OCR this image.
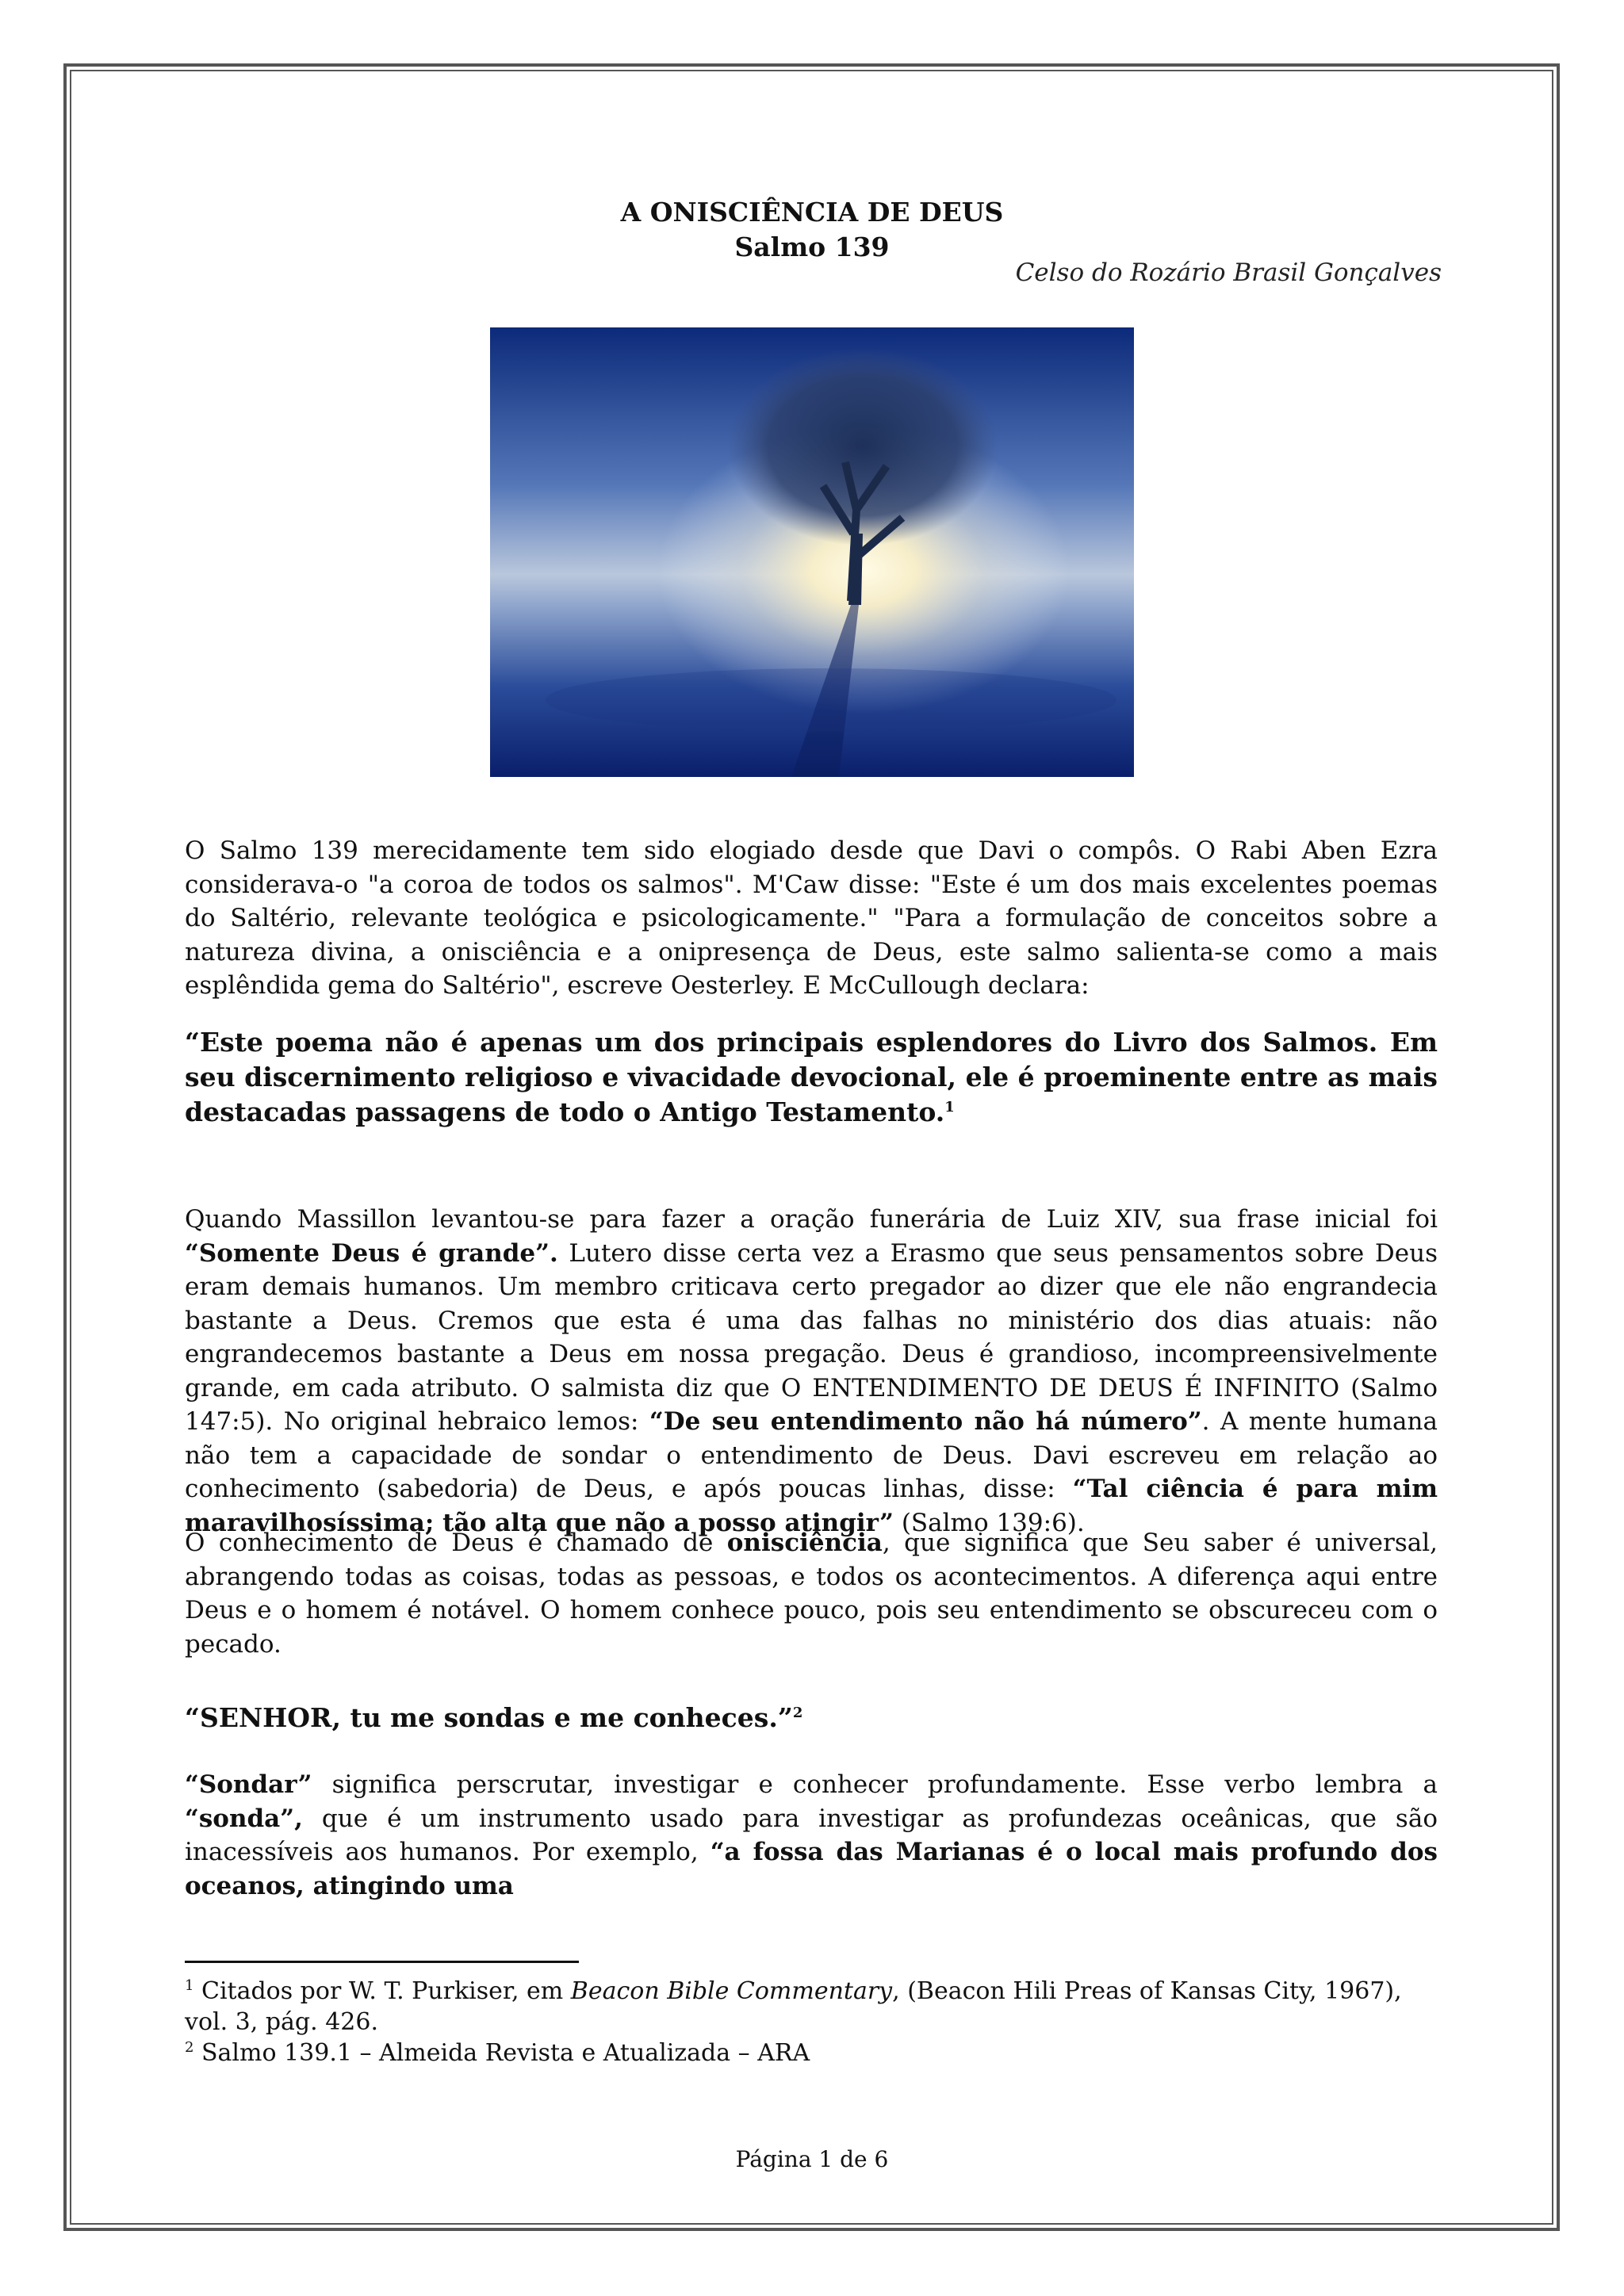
A ONISCIÊNCIA DE DEUS
Salmo 139
Celso do Rozário Brasil Gonçalves
O Salmo 139 merecidamente tem sido elogiado desde que Davi o compôs. O Rabi Aben Ezra considerava-o "a coroa de todos os salmos". M'Caw disse: "Este é um dos mais excelentes poemas do Saltério, relevante teológica e psicologicamente." "Para a formulação de conceitos sobre a natureza divina, a onisciência e a onipresença de Deus, este salmo salienta-se como a mais esplêndida gema do Saltério", escreve Oesterley. E McCullough declara:
“Este poema não é apenas um dos principais esplendores do Livro dos Salmos. Em seu discernimento religioso e vivacidade devocional, ele é proeminente entre as mais destacadas passagens de todo o Antigo Testamento.$^1$
Quando Massillon levantou-se para fazer a oração funerária de Luiz XIV, sua frase inicial foi “Somente Deus é grande”. Lutero disse certa vez a Erasmo que seus pensamentos sobre Deus eram demais humanos. Um membro criticava certo pregador ao dizer que ele não engrandecia bastante a Deus. Cremos que esta é uma das falhas no ministério dos dias atuais: não engrandecemos bastante a Deus em nossa pregação. Deus é grandioso, incompreensivelmente grande, em cada atributo. O salmista diz que O ENTENDIMENTO DE DEUS É INFINITO (Salmo 147:5). No original hebraico lemos: “De seu entendimento não há número”. A mente humana não tem a capacidade de sondar o entendimento de Deus. Davi escreveu em relação ao conhecimento (sabedoria) de Deus, e após poucas linhas, disse: “Tal ciência é para mim maravilhosíssima; tão alta que não a posso atingir” (Salmo 139:6).
O conhecimento de Deus é chamado de onisciência, que significa que Seu saber é universal, abrangendo todas as coisas, todas as pessoas, e todos os acontecimentos. A diferença aqui entre Deus e o homem é notável. O homem conhece pouco, pois seu entendimento se obscureceu com o pecado.
“SENHOR, tu me sondas e me conheces.”$^2$
“Sondar” significa perscrutar, investigar e conhecer profundamente. Esse verbo lembra a “sonda”, que é um instrumento usado para investigar as profundezas oceânicas, que são inacessíveis aos humanos. Por exemplo, “a fossa das Marianas é o local mais profundo dos oceanos, atingindo uma
$^1$ Citados por W. T. Purkiser, em Beacon Bible Commentary, (Beacon Hili Preas of Kansas City, 1967), vol. 3, pág. 426.
$^2$ Salmo 139.1 – Almeida Revista e Atualizada – ARA
Página 1 de 6
